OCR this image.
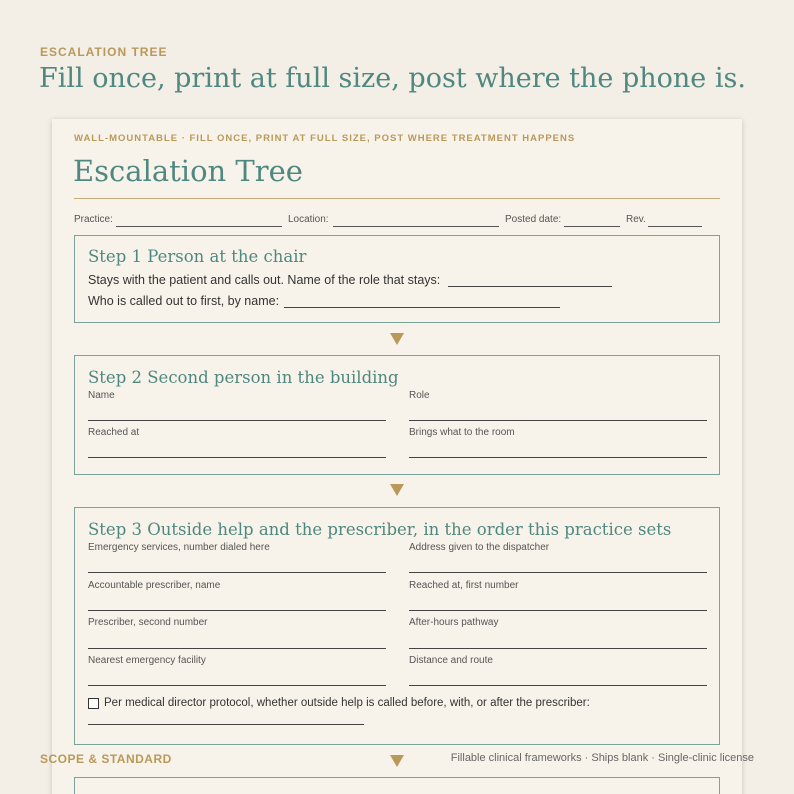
ESCALATION TREE
Fill once, print at full size, post where the phone is.
WALL-MOUNTABLE · FILL ONCE, PRINT AT FULL SIZE, POST WHERE TREATMENT HAPPENS
Escalation Tree
Practice:	Location:	Posted date:	Rev.
Step 1 Person at the chair
Stays with the patient and calls out. Name of the role that stays:
Who is called out to first, by name:
Step 2 Second person in the building
Name	Role
Reached at	Brings what to the room
Step 3 Outside help and the prescriber, in the order this practice sets
Emergency services, number dialed here	Address given to the dispatcher
Accountable prescriber, name	Reached at, first number
Prescriber, second number	After-hours pathway
Nearest emergency facility	Distance and route
Per medical director protocol, whether outside help is called before, with, or after the prescriber:
SCOPE & STANDARD	Fillable clinical frameworks · Ships blank · Single-clinic license
